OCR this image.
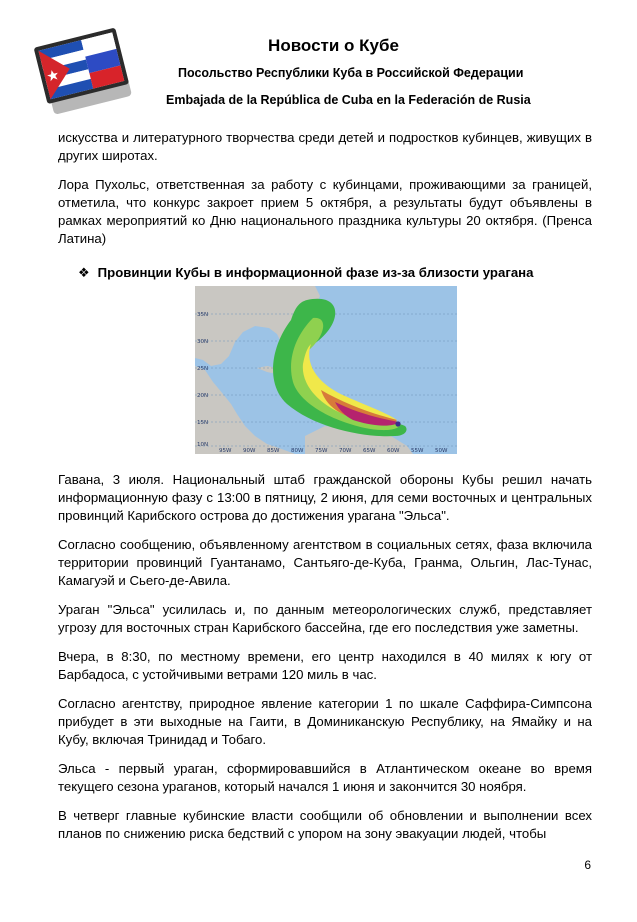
Новости о Кубе
Посольство Республики Куба в Российской Федерации
Embajada de la República de Cuba en la Federación de Rusia

искусства и литературного творчества среди детей и подростков кубинцев, живущих в других широтах.

Лора Пухольс, ответственная за работу с кубинцами, проживающими за границей, отметила, что конкурс закроет прием 5 октября, а результаты будут объявлены в рамках мероприятий ко Дню национального праздника культуры 20 октября. (Пренса Латина)

❖ Провинции Кубы в информационной фазе из-за близости урагана
35N
30N
25N
20N
15N
10N
95W 90W 85W 80W 75W 70W 65W 60W 55W 50W

Гавана, 3 июля. Национальный штаб гражданской обороны Кубы решил начать информационную фазу с 13:00 в пятницу, 2 июня, для семи восточных и центральных провинций Карибского острова до достижения урагана "Эльса".

Согласно сообщению, объявленному агентством в социальных сетях, фаза включила территории провинций Гуантанамо, Сантьяго-де-Куба, Гранма, Ольгин, Лас-Тунас, Камагуэй и Сьего-де-Авила.

Ураган "Эльса" усилилась и, по данным метеорологических служб, представляет угрозу для восточных стран Карибского бассейна, где его последствия уже заметны.

Вчера, в 8:30, по местному времени, его центр находился в 40 милях к югу от Барбадоса, с устойчивыми ветрами 120 миль в час.

Согласно агентству, природное явление категории 1 по шкале Саффира-Симпсона прибудет в эти выходные на Гаити, в Доминиканскую Республику, на Ямайку и на Кубу, включая Тринидад и Тобаго.

Эльса - первый ураган, сформировавшийся в Атлантическом океане во время текущего сезона ураганов, который начался 1 июня и закончится 30 ноября.

В четверг главные кубинские власти сообщили об обновлении и выполнении всех планов по снижению риска бедствий с упором на зону эвакуации людей, чтобы

6
